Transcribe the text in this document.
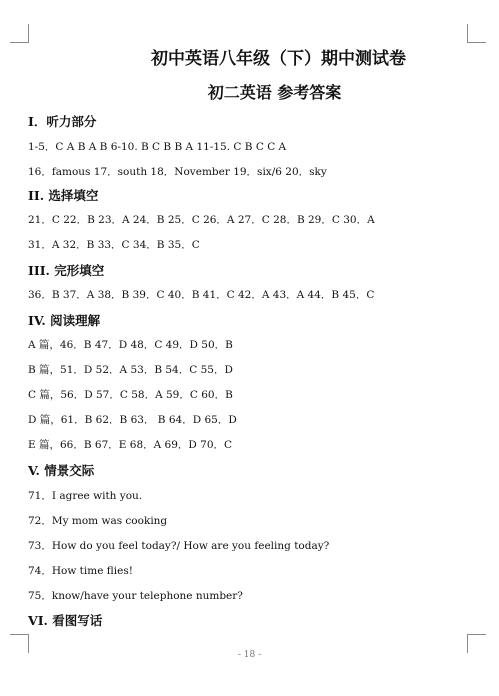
初中英语八年级（下）期中测试卷
初二英语 参考答案
Ⅰ．听力部分
1-5．C A B A B 6-10. B C B B A 11-15. C B C C A
16．famous 17．south 18．November 19．six/6 20．sky
II. 选择填空
21．C 22．B 23．A 24．B 25．C 26．A 27．C 28．B 29．C 30．A
31．A 32．B 33．C 34．B 35．C
III. 完形填空
36．B 37．A 38．B 39．C 40．B 41．C 42．A 43．A 44．B 45．C
IV. 阅读理解
A 篇，46．B 47．D 48．C 49．D 50．B
B 篇，51．D 52．A 53．B 54．C 55．D
C 篇，56．D 57．C 58．A 59．C 60．B
D 篇，61．B 62．B 63． B 64．D 65．D
E 篇，66．B 67．E 68．A 69．D 70．C
V. 情景交际
71．I agree with you.
72．My mom was cooking
73．How do you feel today?/ How are you feeling today?
74．How time flies!
75．know/have your telephone number?
VI. 看图写话
- 18 -
